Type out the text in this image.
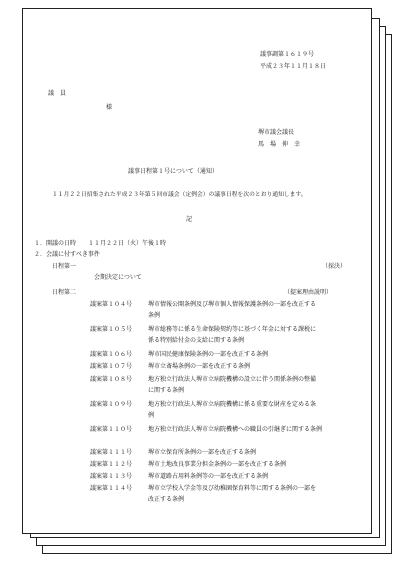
議事調第１６１９号
平成２３年１１月１８日
議　員
様
堺市議会議長
馬　場　伸　幸
議事日程第１号について（通知）
１１月２２日招集された平成２３年第５回市議会（定例会）の議事日程を次のとおり通知します。
記
１．開議の日時　　１１月２２日（火）午後１時
２．会議に付すべき事件
日程第一	（採決）
会期決定について
日程第二	（提案理由説明）
議案第１０４号	堺市情報公開条例及び堺市個人情報保護条例の一部を改正する
条例
議案第１０５号	堺市総務等に係る生命保険契約等に基づく年金に対する課税に
係る特別給付金の支給に関する条例
議案第１０６号	堺市国民健康保険条例の一部を改正する条例
議案第１０７号	堺市立斎場条例の一部を改正する条例
議案第１０８号	地方独立行政法人堺市立病院機構の設立に伴う関係条例の整備
に関する条例
議案第１０９号	地方独立行政法人堺市立病院機構に係る重要な財産を定める条
例
議案第１１０号	地方独立行政法人堺市立病院機構への職員の引継ぎに関する条例
議案第１１１号	堺市立保育所条例の一部を改正する条例
議案第１１２号	堺市土地改良事業分担金条例の一部を改正する条例
議案第１１３号	堺市道路占用料条例等の一部を改正する条例
議案第１１４号	堺市立学校入学金等及び幼稚園保育料等に関する条例の一部を
改正する条例
